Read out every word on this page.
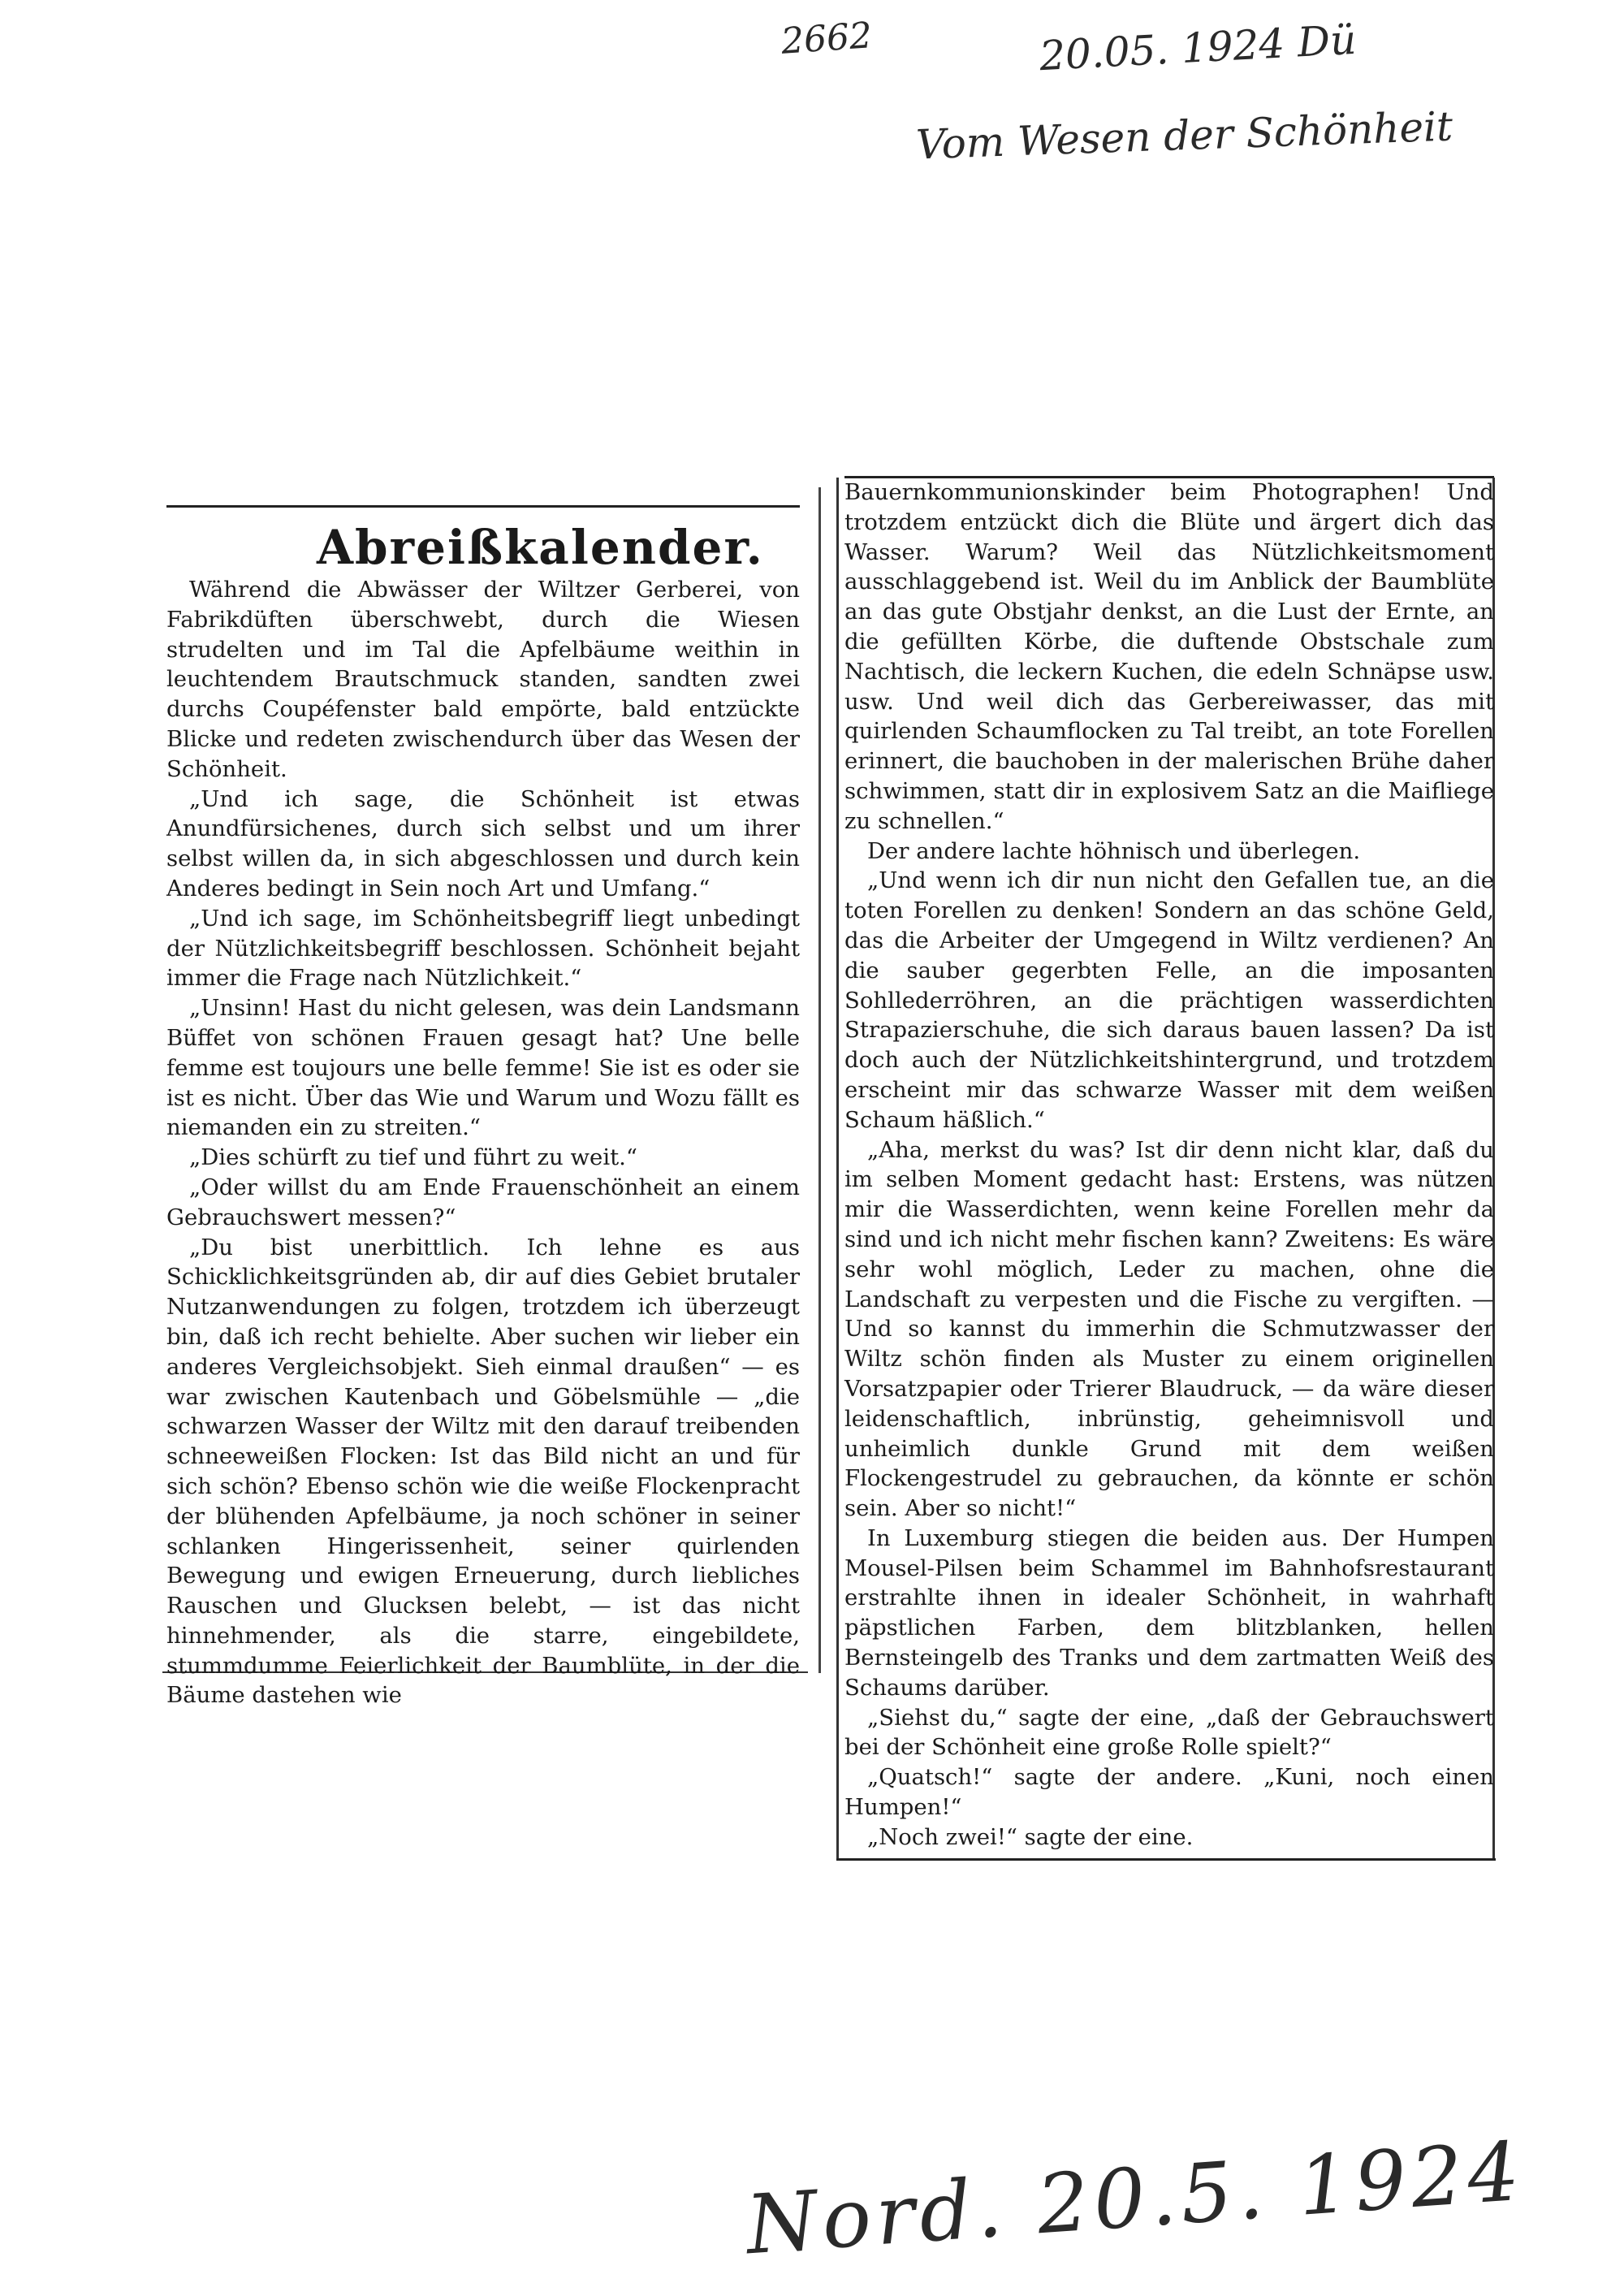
2662	20.05. 1924 Dü
Vom Wesen der Schönheit
Abreißkalender.

Während die Abwässer der Wiltzer Gerberei, von Fabrikdüften überschwebt, durch die Wiesen strudelten und im Tal die Apfelbäume weithin in leuchtendem Brautschmuck standen, sandten zwei durchs Coupéfenster bald empörte, bald entzückte Blicke und redeten zwischendurch über das Wesen der Schönheit.

„Und ich sage, die Schönheit ist etwas Anundfürsichenes, durch sich selbst und um ihrer selbst willen da, in sich abgeschlossen und durch kein Anderes bedingt in Sein noch Art und Umfang.“

„Und ich sage, im Schönheitsbegriff liegt unbedingt der Nützlichkeitsbegriff beschlossen. Schönheit bejaht immer die Frage nach Nützlichkeit.“

„Unsinn! Hast du nicht gelesen, was dein Landsmann Büffet von schönen Frauen gesagt hat? Une belle femme est toujours une belle femme! Sie ist es oder sie ist es nicht. Über das Wie und Warum und Wozu fällt es niemanden ein zu streiten.“

„Dies schürft zu tief und führt zu weit.“

„Oder willst du am Ende Frauenschönheit an einem Gebrauchswert messen?“

„Du bist unerbittlich. Ich lehne es aus Schicklichkeitsgründen ab, dir auf dies Gebiet brutaler Nutzanwendungen zu folgen, trotzdem ich überzeugt bin, daß ich recht behielte. Aber suchen wir lieber ein anderes Vergleichsobjekt. Sieh einmal draußen“ — es war zwischen Kautenbach und Göbelsmühle — „die schwarzen Wasser der Wiltz mit den darauf treibenden schneeweißen Flocken: Ist das Bild nicht an und für sich schön? Ebenso schön wie die weiße Flockenpracht der blühenden Apfelbäume, ja noch schöner in seiner schlanken Hingerissenheit, seiner quirlenden Bewegung und ewigen Erneuerung, durch liebliches Rauschen und Glucksen belebt, — ist das nicht hinnehmender, als die starre, eingebildete, stummdumme Feierlichkeit der Baumblüte, in der die Bäume dastehen wie

Bauernkommunionskinder beim Photographen! Und trotzdem entzückt dich die Blüte und ärgert dich das Wasser. Warum? Weil das Nützlichkeitsmoment ausschlaggebend ist. Weil du im Anblick der Baumblüte an das gute Obstjahr denkst, an die Lust der Ernte, an die gefüllten Körbe, die duftende Obstschale zum Nachtisch, die leckern Kuchen, die edeln Schnäpse usw. usw. Und weil dich das Gerbereiwasser, das mit quirlenden Schaumflocken zu Tal treibt, an tote Forellen erinnert, die bauchoben in der malerischen Brühe daher schwimmen, statt dir in explosivem Satz an die Maifliege zu schnellen.“

Der andere lachte höhnisch und überlegen.

„Und wenn ich dir nun nicht den Gefallen tue, an die toten Forellen zu denken! Sondern an das schöne Geld, das die Arbeiter der Umgegend in Wiltz verdienen? An die sauber gegerbten Felle, an die imposanten Sohllederröhren, an die prächtigen wasserdichten Strapazierschuhe, die sich daraus bauen lassen? Da ist doch auch der Nützlichkeitshintergrund, und trotzdem erscheint mir das schwarze Wasser mit dem weißen Schaum häßlich.“

„Aha, merkst du was? Ist dir denn nicht klar, daß du im selben Moment gedacht hast: Erstens, was nützen mir die Wasserdichten, wenn keine Forellen mehr da sind und ich nicht mehr fischen kann? Zweitens: Es wäre sehr wohl möglich, Leder zu machen, ohne die Landschaft zu verpesten und die Fische zu vergiften. — Und so kannst du immerhin die Schmutzwasser der Wiltz schön finden als Muster zu einem originellen Vorsatzpapier oder Trierer Blaudruck, — da wäre dieser leidenschaftlich, inbrünstig, geheimnisvoll und unheimlich dunkle Grund mit dem weißen Flockengestrudel zu gebrauchen, da könnte er schön sein. Aber so nicht!“

In Luxemburg stiegen die beiden aus. Der Humpen Mousel-Pilsen beim Schammel im Bahnhofsrestaurant erstrahlte ihnen in idealer Schönheit, in wahrhaft päpstlichen Farben, dem blitzblanken, hellen Bernsteingelb des Tranks und dem zartmatten Weiß des Schaums darüber.

„Siehst du,“ sagte der eine, „daß der Gebrauchswert bei der Schönheit eine große Rolle spielt?“

„Quatsch!“ sagte der andere. „Kuni, noch einen Humpen!“

„Noch zwei!“ sagte der eine.

Nord. 20.5. 1924
